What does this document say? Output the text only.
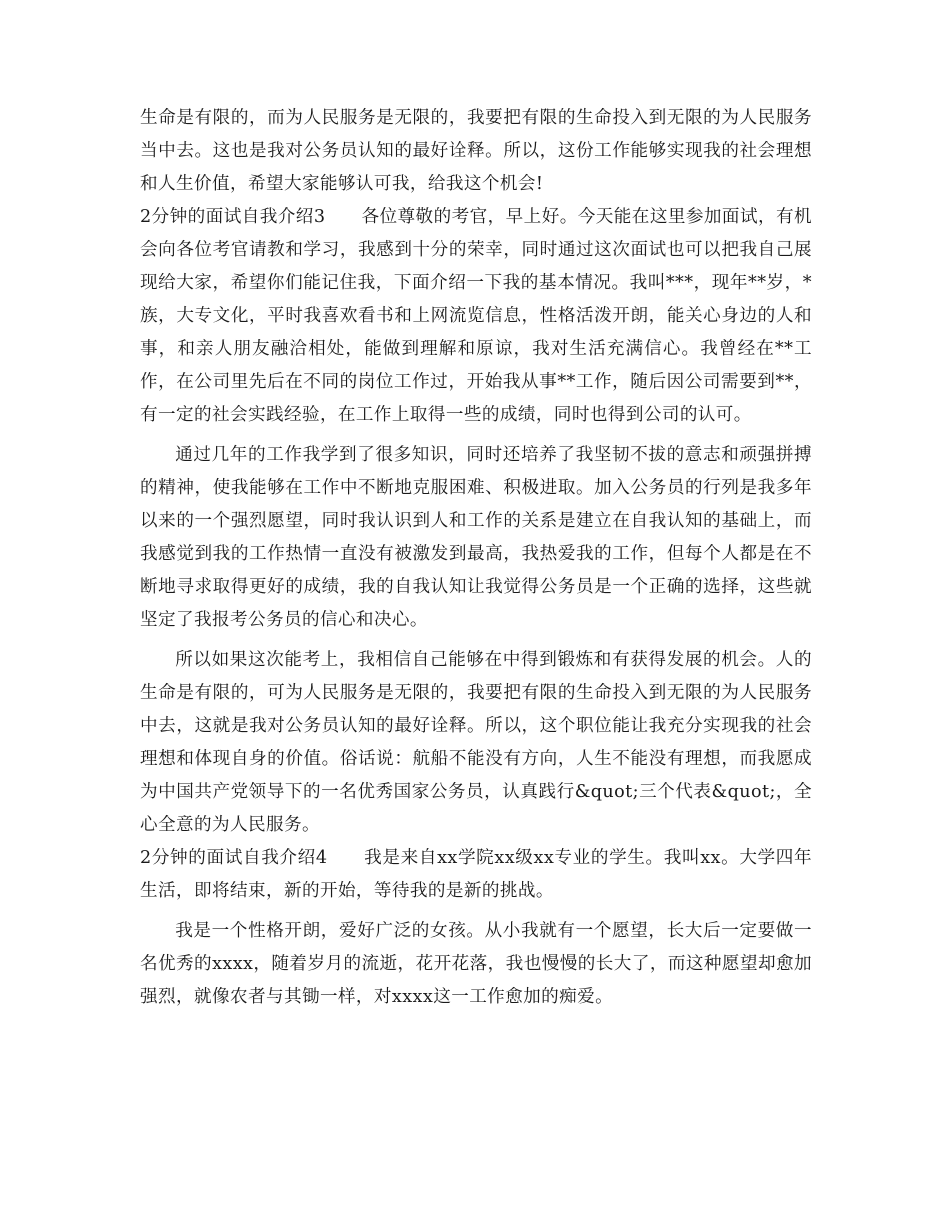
生命是有限的，而为人民服务是无限的，我要把有限的生命投入到无限的为人民服务当中去。这也是我对公务员认知的最好诠释。所以，这份工作能够实现我的社会理想和人生价值，希望大家能够认可我，给我这个机会!

2分钟的面试自我介绍3　　各位尊敬的考官，早上好。今天能在这里参加面试，有机会向各位考官请教和学习，我感到十分的荣幸，同时通过这次面试也可以把我自己展现给大家，希望你们能记住我，下面介绍一下我的基本情况。我叫***，现年**岁，*族，大专文化，平时我喜欢看书和上网流览信息，性格活泼开朗，能关心身边的人和事，和亲人朋友融洽相处，能做到理解和原谅，我对生活充满信心。我曾经在**工作，在公司里先后在不同的岗位工作过，开始我从事**工作，随后因公司需要到**，有一定的社会实践经验，在工作上取得一些的成绩，同时也得到公司的认可。

通过几年的工作我学到了很多知识，同时还培养了我坚韧不拔的意志和顽强拼搏的精神，使我能够在工作中不断地克服困难、积极进取。加入公务员的行列是我多年以来的一个强烈愿望，同时我认识到人和工作的关系是建立在自我认知的基础上，而我感觉到我的工作热情一直没有被激发到最高，我热爱我的工作，但每个人都是在不断地寻求取得更好的成绩，我的自我认知让我觉得公务员是一个正确的选择，这些就坚定了我报考公务员的信心和决心。

所以如果这次能考上，我相信自己能够在中得到锻炼和有获得发展的机会。人的生命是有限的，可为人民服务是无限的，我要把有限的生命投入到无限的为人民服务中去，这就是我对公务员认知的最好诠释。所以，这个职位能让我充分实现我的社会理想和体现自身的价值。俗话说：航船不能没有方向，人生不能没有理想，而我愿成为中国共产党领导下的一名优秀国家公务员，认真践行&quot;三个代表&quot;，全心全意的为人民服务。

2分钟的面试自我介绍4　　我是来自xx学院xx级xx专业的学生。我叫xx。大学四年生活，即将结束，新的开始，等待我的是新的挑战。

我是一个性格开朗，爱好广泛的女孩。从小我就有一个愿望，长大后一定要做一名优秀的xxxx，随着岁月的流逝，花开花落，我也慢慢的长大了，而这种愿望却愈加强烈，就像农者与其锄一样，对xxxx这一工作愈加的痴爱。
